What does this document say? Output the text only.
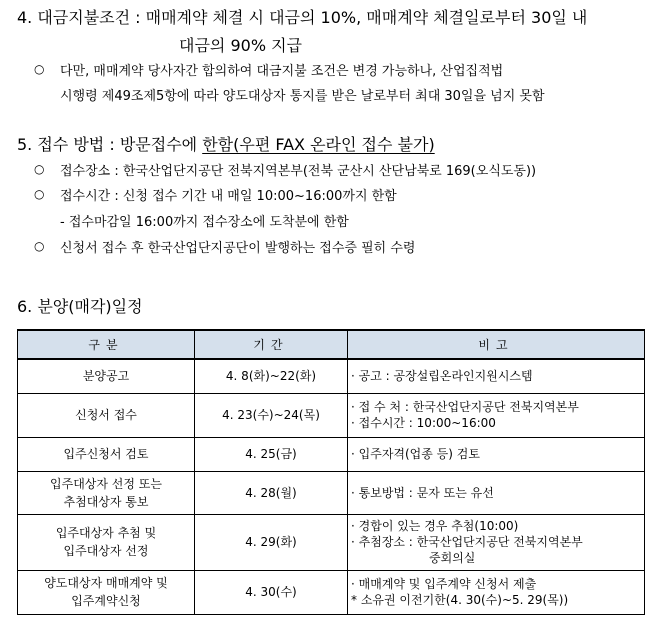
4. 대금지불조건 : 매매계약 체결 시 대금의 10%, 매매계약 체결일로부터 30일 내
대금의 90% 지급
○ 다만, 매매계약 당사자간 합의하여 대금지불 조건은 변경 가능하나, 산업집적법
시행령 제49조제5항에 따라 양도대상자 통지를 받은 날로부터 최대 30일을 넘지 못함
5. 접수 방법 : 방문접수에 한함(우편 FAX 온라인 접수 불가)
○ 접수장소 : 한국산업단지공단 전북지역본부(전북 군산시 산단남북로 169(오식도동))
○ 접수시간 : 신청 접수 기간 내 매일 10:00~16:00까지 한함
- 접수마감일 16:00까지 접수장소에 도착분에 한함
○ 신청서 접수 후 한국산업단지공단이 발행하는 접수증 필히 수령
6. 분양(매각)일정
구분	기간	비고
분양공고	4. 8(화)~22(화)	· 공고 : 공장설립온라인지원시스템

신청서 접수	4. 23(수)~24(목)	· 접 수 처 : 한국산업단지공단 전북지역본부
· 접수시간 : 10:00~16:00

입주신청서 검토	4. 25(금)	· 입주자격(업종 등) 검토

입주대상자 선정 또는
추첨대상자 통보	4. 28(월)	· 통보방법 : 문자 또는 유선

입주대상자 추첨 및
입주대상자 선정	4. 29(화)	· 경합이 있는 경우 추첨(10:00)
· 추첨장소 : 한국산업단지공단 전북지역본부
중회의실

양도대상자 매매계약 및
입주계약신청	4. 30(수)	· 매매계약 및 입주계약 신청서 제출
* 소유권 이전기한(4. 30(수)~5. 29(목))
